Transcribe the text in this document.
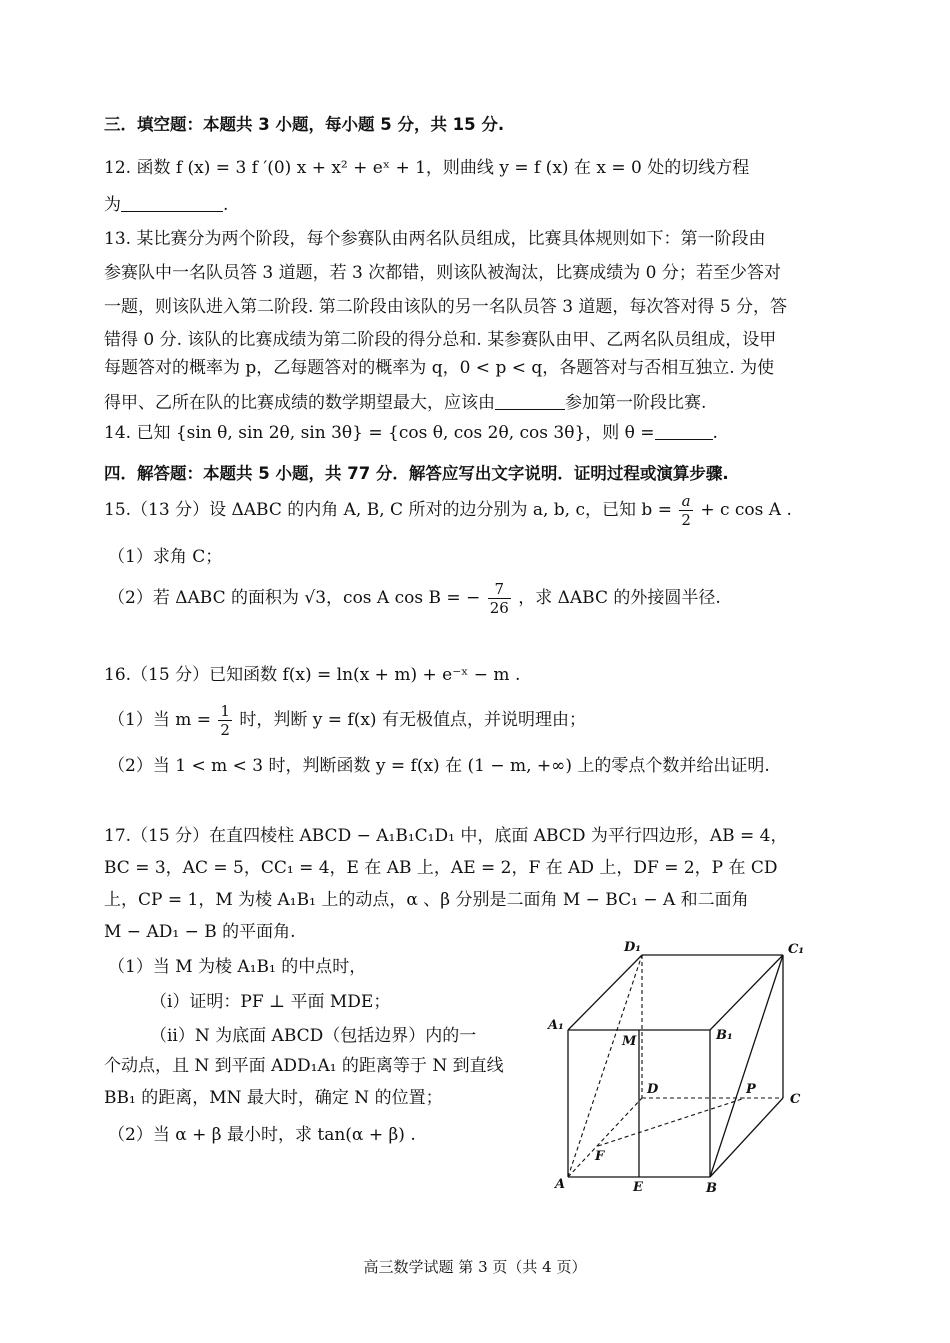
三．填空题：本题共 3 小题，每小题 5 分，共 15 分.
12. 函数 f (x) = 3 f ′(0) x + x² + eˣ + 1，则曲线 y = f (x) 在 x = 0 处的切线方程
为	.
13. 某比赛分为两个阶段，每个参赛队由两名队员组成，比赛具体规则如下：第一阶段由
参赛队中一名队员答 3 道题，若 3 次都错，则该队被淘汰，比赛成绩为 0 分；若至少答对
一题，则该队进入第二阶段. 第二阶段由该队的另一名队员答 3 道题，每次答对得 5 分，答
错得 0 分. 该队的比赛成绩为第二阶段的得分总和. 某参赛队由甲、乙两名队员组成，设甲
每题答对的概率为 p，乙每题答对的概率为 q，0 < p < q，各题答对与否相互独立. 为使
得甲、乙所在队的比赛成绩的数学期望最大，应该由	参加第一阶段比赛.
14. 已知 {sin θ, sin 2θ, sin 3θ} = {cos θ, cos 2θ, cos 3θ}，则 θ =	.
四．解答题：本题共 5 小题，共 77 分．解答应写出文字说明．证明过程或演算步骤.
15.（13 分）设 ΔABC 的内角 A, B, C 所对的边分别为 a, b, c，已知 $b = \frac{a}{2} + c$ cos A .
（1）求角 C；
（2）若 ΔABC 的面积为 √3，cos A cos B = − $\frac{7}{26}$ ，求 ΔABC 的外接圆半径.
16.（15 分）已知函数 f(x) = ln(x + m) + e⁻ˣ − m .
（1）当 $m = \frac{1}{2}$ 时，判断 y = f(x) 有无极值点，并说明理由；
（2）当 1 < m < 3 时，判断函数 y = f(x) 在 (1 − m, +∞) 上的零点个数并给出证明.
17.（15 分）在直四棱柱 ABCD − A₁B₁C₁D₁ 中，底面 ABCD 为平行四边形，AB = 4，
BC = 3，AC = 5，CC₁ = 4，E 在 AB 上，AE = 2，F 在 AD 上，DF = 2，P 在 CD
上，CP = 1，M 为棱 A₁B₁ 上的动点，α 、β 分别是二面角 M − BC₁ − A 和二面角
M − AD₁ − B 的平面角.
（1）当 M 为棱 A₁B₁ 的中点时，
（i）证明：PF ⊥ 平面 MDE；
（ii）N 为底面 ABCD（包括边界）内的一
个动点，且 N 到平面 ADD₁A₁ 的距离等于 N 到直线
BB₁ 的距离，MN 最大时，确定 N 的位置；
（2）当 α + β 最小时，求 tan(α + β) .
D₁	C₁
A₁
B₁
M
D	P
C
F
A	E	B
高三数学试题 第 3 页（共 4 页）
